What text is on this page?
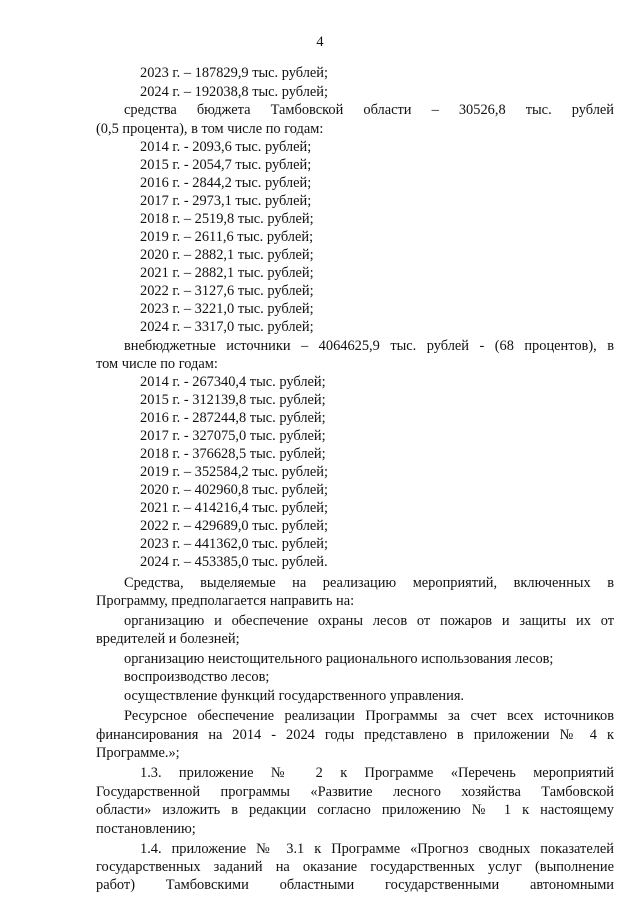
4
2023 г. – 187829,9 тыс. рублей;
2024 г. – 192038,8 тыс. рублей;
средства бюджета Тамбовской области – 30526,8 тыс. рублей
(0,5 процента), в том числе по годам:
2014 г. - 2093,6 тыс. рублей;
2015 г. - 2054,7 тыс. рублей;
2016 г. - 2844,2 тыс. рублей;
2017 г. - 2973,1 тыс. рублей;
2018 г. – 2519,8 тыс. рублей;
2019 г. – 2611,6 тыс. рублей;
2020 г. – 2882,1 тыс. рублей;
2021 г. – 2882,1 тыс. рублей;
2022 г. – 3127,6 тыс. рублей;
2023 г. – 3221,0 тыс. рублей;
2024 г. – 3317,0 тыс. рублей;
внебюджетные источники – 4064625,9 тыс. рублей - (68 процентов), в
том числе по годам:
2014 г. - 267340,4 тыс. рублей;
2015 г. - 312139,8 тыс. рублей;
2016 г. - 287244,8 тыс. рублей;
2017 г. - 327075,0 тыс. рублей;
2018 г. - 376628,5 тыс. рублей;
2019 г. – 352584,2 тыс. рублей;
2020 г. – 402960,8 тыс. рублей;
2021 г. – 414216,4 тыс. рублей;
2022 г. – 429689,0 тыс. рублей;
2023 г. – 441362,0 тыс. рублей;
2024 г. – 453385,0 тыс. рублей.
Средства, выделяемые на реализацию мероприятий, включенных в
Программу, предполагается направить на:
организацию и обеспечение охраны лесов от пожаров и защиты их от
вредителей и болезней;
организацию неистощительного рационального использования лесов;
воспроизводство лесов;
осуществление функций государственного управления.
Ресурсное обеспечение реализации Программы за счет всех источников
финансирования на 2014 - 2024 годы представлено в приложении № 4 к
Программе.»;
1.3. приложение № 2 к Программе «Перечень мероприятий
Государственной программы «Развитие лесного хозяйства Тамбовской
области» изложить в редакции согласно приложению № 1 к настоящему
постановлению;
1.4. приложение № 3.1 к Программе «Прогноз сводных показателей
государственных заданий на оказание государственных услуг (выполнение
работ) Тамбовскими областными государственными автономными
